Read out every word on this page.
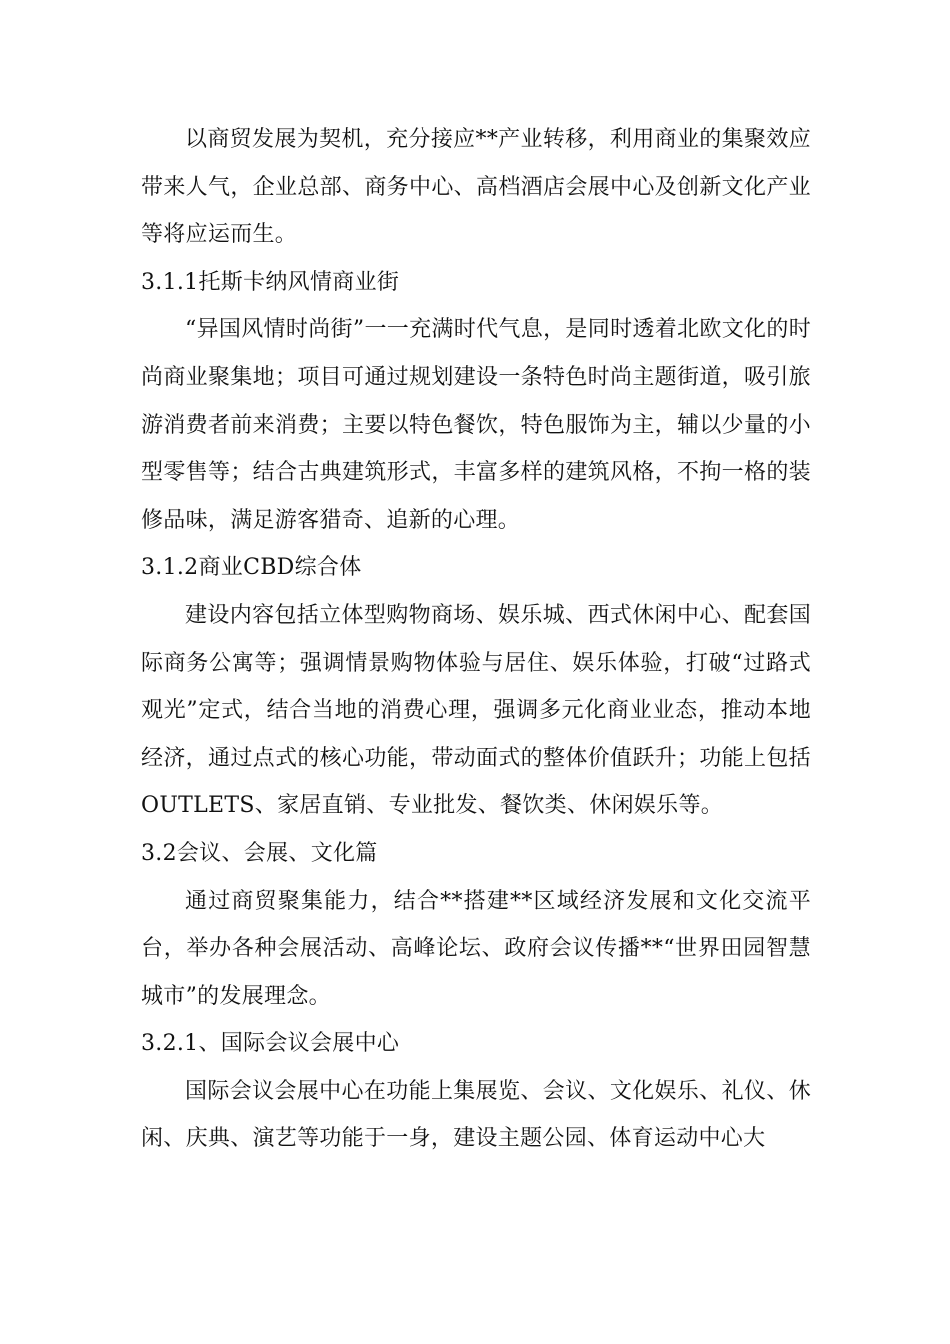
以商贸发展为契机，充分接应**产业转移，利用商业的集聚效应带来人气，企业总部、商务中心、高档酒店会展中心及创新文化产业等将应运而生。

3.1.1托斯卡纳风情商业街

“异国风情时尚街”一一充满时代气息，是同时透着北欧文化的时尚商业聚集地；项目可通过规划建设一条特色时尚主题街道，吸引旅游消费者前来消费；主要以特色餐饮，特色服饰为主，辅以少量的小型零售等；结合古典建筑形式，丰富多样的建筑风格，不拘一格的装修品味，满足游客猎奇、追新的心理。

3.1.2商业CBD综合体

建设内容包括立体型购物商场、娱乐城、西式休闲中心、配套国际商务公寓等；强调情景购物体验与居住、娱乐体验，打破“过路式观光”定式，结合当地的消费心理，强调多元化商业业态，推动本地经济，通过点式的核心功能，带动面式的整体价值跃升；功能上包括OUTLETS、家居直销、专业批发、餐饮类、休闲娱乐等。

3.2会议、会展、文化篇

通过商贸聚集能力，结合**搭建**区域经济发展和文化交流平台，举办各种会展活动、高峰论坛、政府会议传播**“世界田园智慧城市”的发展理念。

3.2.1、国际会议会展中心

国际会议会展中心在功能上集展览、会议、文化娱乐、礼仪、休闲、庆典、演艺等功能于一身，建设主题公园、体育运动中心大
